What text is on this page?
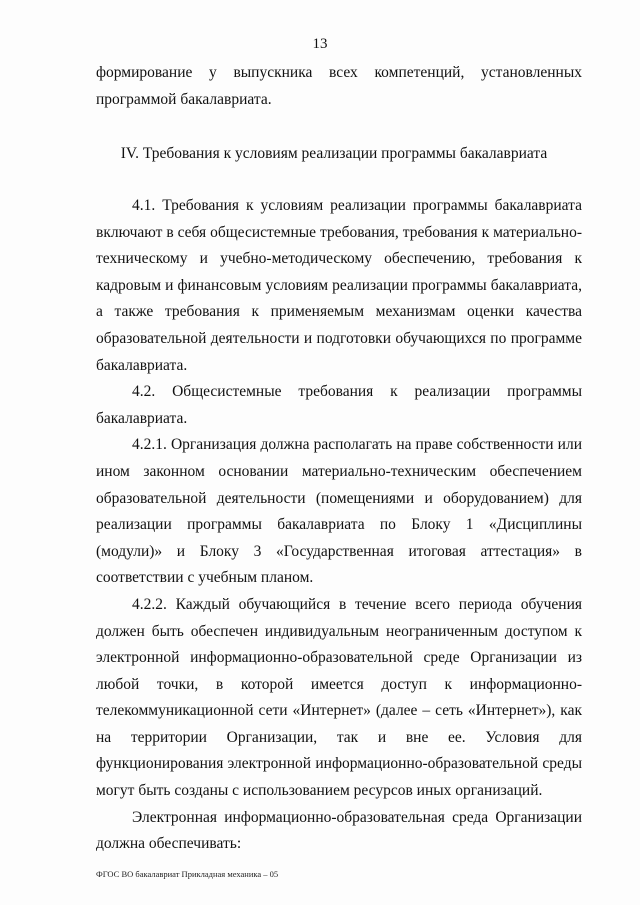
13

формирование у выпускника всех компетенций, установленных программой бакалавриата.

IV. Требования к условиям реализации программы бакалавриата

4.1. Требования к условиям реализации программы бакалавриата включают в себя общесистемные требования, требования к материально-техническому и учебно-методическому обеспечению, требования к кадровым и финансовым условиям реализации программы бакалавриата, а также требования к применяемым механизмам оценки качества образовательной деятельности и подготовки обучающихся по программе бакалавриата.

4.2. Общесистемные требования к реализации программы бакалавриата.

4.2.1. Организация должна располагать на праве собственности или ином законном основании материально-техническим обеспечением образовательной деятельности (помещениями и оборудованием) для реализации программы бакалавриата по Блоку 1 «Дисциплины (модули)» и Блоку 3 «Государственная итоговая аттестация» в соответствии с учебным планом.

4.2.2. Каждый обучающийся в течение всего периода обучения должен быть обеспечен индивидуальным неограниченным доступом к электронной информационно-образовательной среде Организации из любой точки, в которой имеется доступ к информационно-телекоммуникационной сети «Интернет» (далее – сеть «Интернет»), как на территории Организации, так и вне ее. Условия для функционирования электронной информационно-образовательной среды могут быть созданы с использованием ресурсов иных организаций.

Электронная информационно-образовательная среда Организации должна обеспечивать:

ФГОС ВО бакалавриат Прикладная механика – 05
